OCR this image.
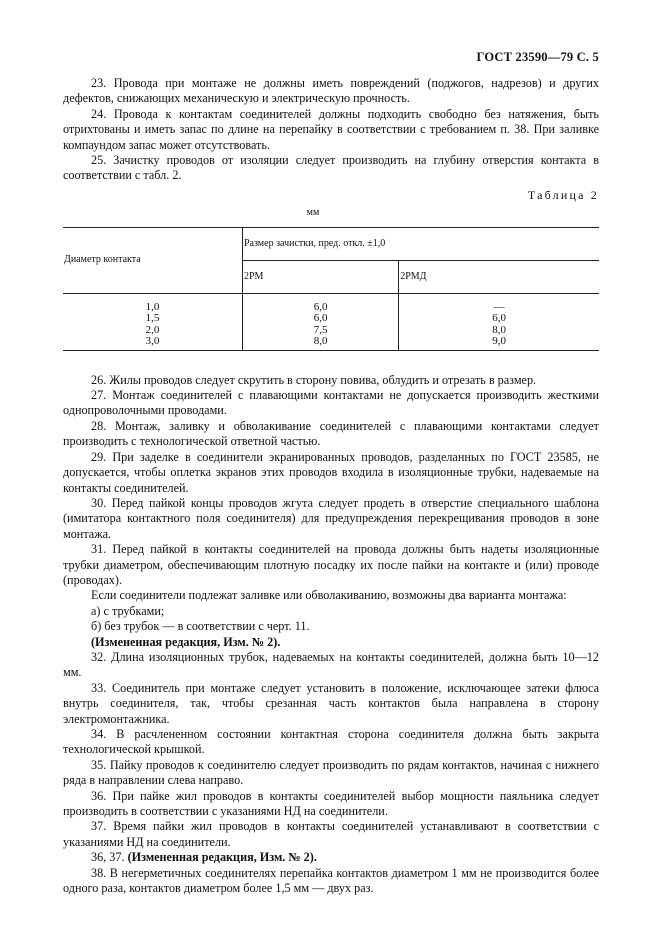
ГОСТ 23590—79 С. 5

23. Провода при монтаже не должны иметь повреждений (поджогов, надрезов) и других дефектов, снижающих механическую и электрическую прочность.

24. Провода к контактам соединителей должны подходить свободно без натяжения, быть отрихтованы и иметь запас по длине на перепайку в соответствии с требованием п. 38. При заливке компаундом запас может отсутствовать.

25. Зачистку проводов от изоляции следует производить на глубину отверстия контакта в соответствии с табл. 2.

Таблица 2
мм
Диаметр контакта	Размер зачистки, пред. откл. ±1,0	
	2РМ	2РМД
1,0	6,0	—
1,5	6,0	6,0
2,0	7,5	8,0
3,0	8,0	9,0

26. Жилы проводов следует скрутить в сторону повива, облудить и отрезать в размер.

27. Монтаж соединителей с плавающими контактами не допускается производить жесткими однопроволочными проводами.

28. Монтаж, заливку и обволакивание соединителей с плавающими контактами следует производить с технологической ответной частью.

29. При заделке в соединители экранированных проводов, разделанных по ГОСТ 23585, не допускается, чтобы оплетка экранов этих проводов входила в изоляционные трубки, надеваемые на контакты соединителей.

30. Перед пайкой концы проводов жгута следует продеть в отверстие специального шаблона (имитатора контактного поля соединителя) для предупреждения перекрещивания проводов в зоне монтажа.

31. Перед пайкой в контакты соединителей на провода должны быть надеты изоляционные трубки диаметром, обеспечивающим плотную посадку их после пайки на контакте и (или) проводе (проводах).

Если соединители подлежат заливке или обволакиванию, возможны два варианта монтажа:

а) с трубками;

б) без трубок — в соответствии с черт. 11.

(Измененная редакция, Изм. № 2).

32. Длина изоляционных трубок, надеваемых на контакты соединителей, должна быть 10—12 мм.

33. Соединитель при монтаже следует установить в положение, исключающее затеки флюса внутрь соединителя, так, чтобы срезанная часть контактов была направлена в сторону электромонтажника.

34. В расчлененном состоянии контактная сторона соединителя должна быть закрыта технологической крышкой.

35. Пайку проводов к соединителю следует производить по рядам контактов, начиная с нижнего ряда в направлении слева направо.

36. При пайке жил проводов в контакты соединителей выбор мощности паяльника следует производить в соответствии с указаниями НД на соединители.

37. Время пайки жил проводов в контакты соединителей устанавливают в соответствии с указаниями НД на соединители.

36, 37. (Измененная редакция, Изм. № 2).

38. В негерметичных соединителях перепайка контактов диаметром 1 мм не производится более одного раза, контактов диаметром более 1,5 мм — двух раз.
